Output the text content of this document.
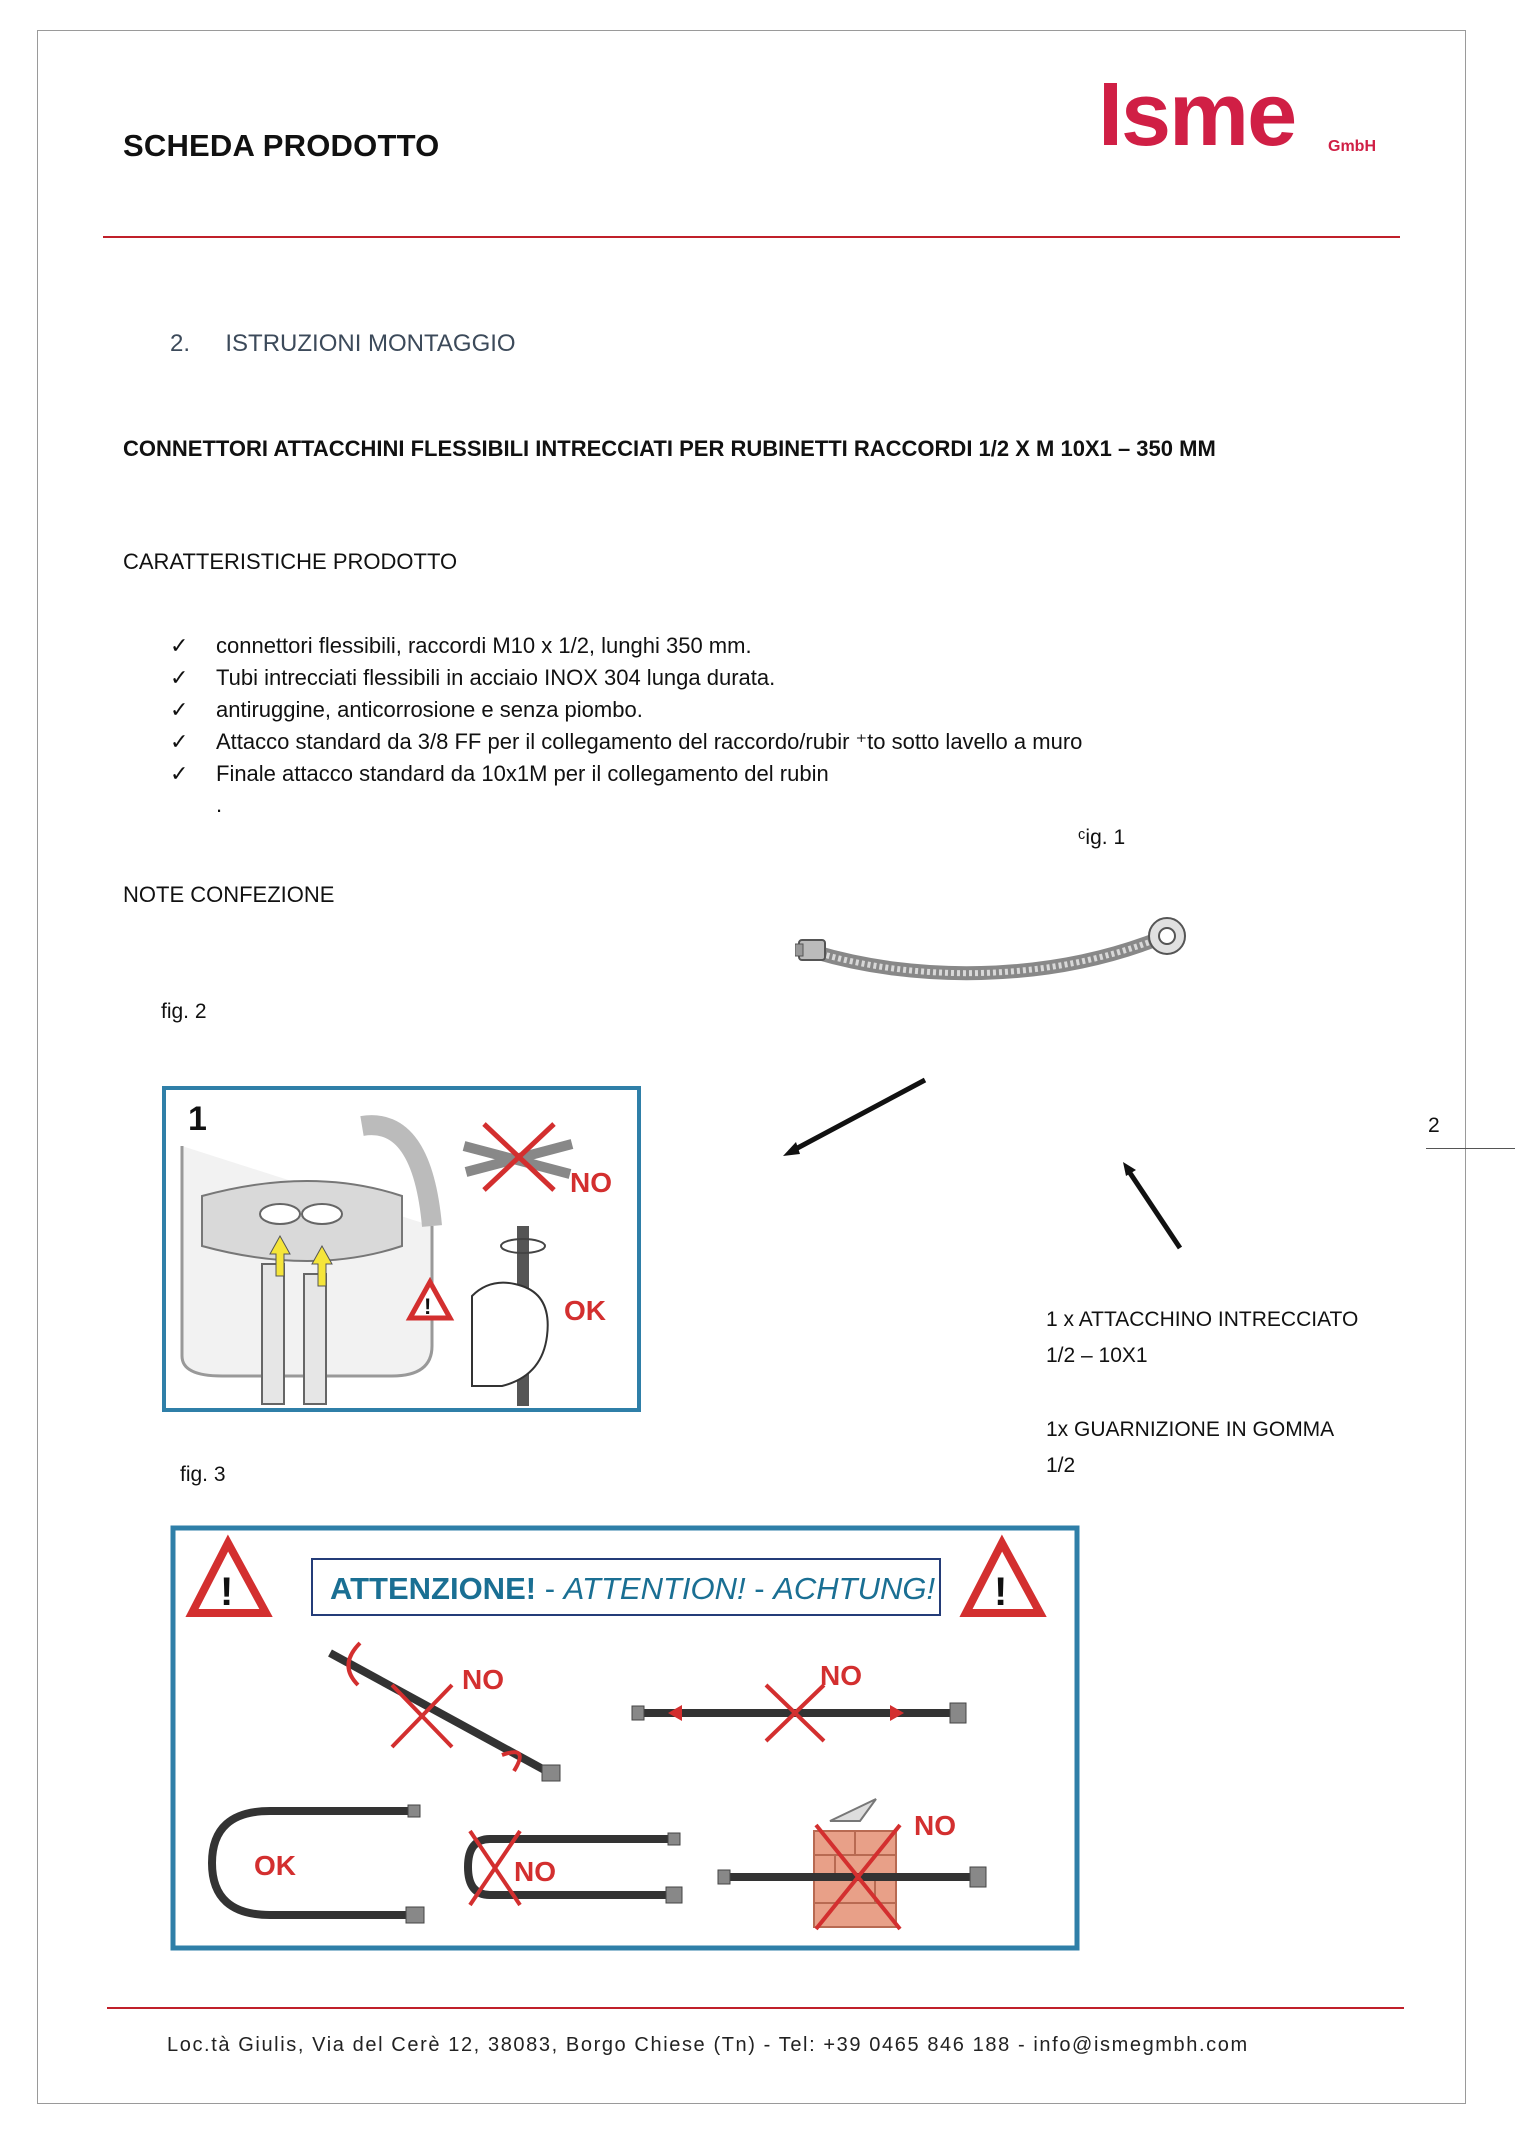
SCHEDA PRODOTTO	Isme GmbH
2. ISTRUZIONI MONTAGGIO
CONNETTORI ATTACCHINI FLESSIBILI INTRECCIATI PER RUBINETTI RACCORDI 1/2 X M 10X1 – 350 MM
CARATTERISTICHE PRODOTTO
✓ connettori flessibili, raccordi M10 x 1/2, lunghi 350 mm.
✓ Tubi intrecciati flessibili in acciaio INOX 304 lunga durata.
✓ antiruggine, anticorrosione e senza piombo.
✓ Attacco standard da 3/8 FF per il collegamento del raccordo/rubir ⁺to sotto lavello a muro
✓ Finale attacco standard da 10x1M per il collegamento del rubin
.
ᶜiɡ. 1
NOTE CONFEZIONE
fig. 2
fig. 3
2
1
!
NO
OK	1 x ATTACCHINO INTRECCIATO
1/2 – 10X1
1x GUARNIZIONE IN GOMMA
1/2
!	!
ATTENZIONE! - ATTENTION! - ACHTUNG!
NO	NO
OK	NO
NO
Loc.tà Giulis, Via del Cerè 12, 38083, Borgo Chiese (Tn) - Tel: +39 0465 846 188 - info@ismegmbh.com
